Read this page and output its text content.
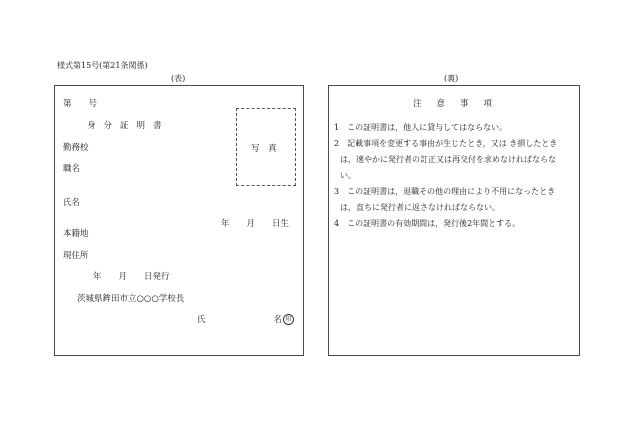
様式第15号(第21条関係)
(表)
第　　号
身分証明書
勤務校
職名
写　真
氏名
年　　月　　日生
本籍地
現住所
年　　月　　日発行
茨城県鉾田市立○○○学校長
氏　　　　　　　　名 印
(裏)
注意事項
1　この証明書は，他人に貸与してはならない。
2　記載事項を変更する事由が生じたとき，又は き損したとき
は，速やかに発行者の訂正又は再交付を求めなければならな
い。
3　この証明書は，退職その他の理由により不用になったとき
は，直ちに発行者に返さなければならない。
4　この証明書の有効期間は，発行後2年間とする。
